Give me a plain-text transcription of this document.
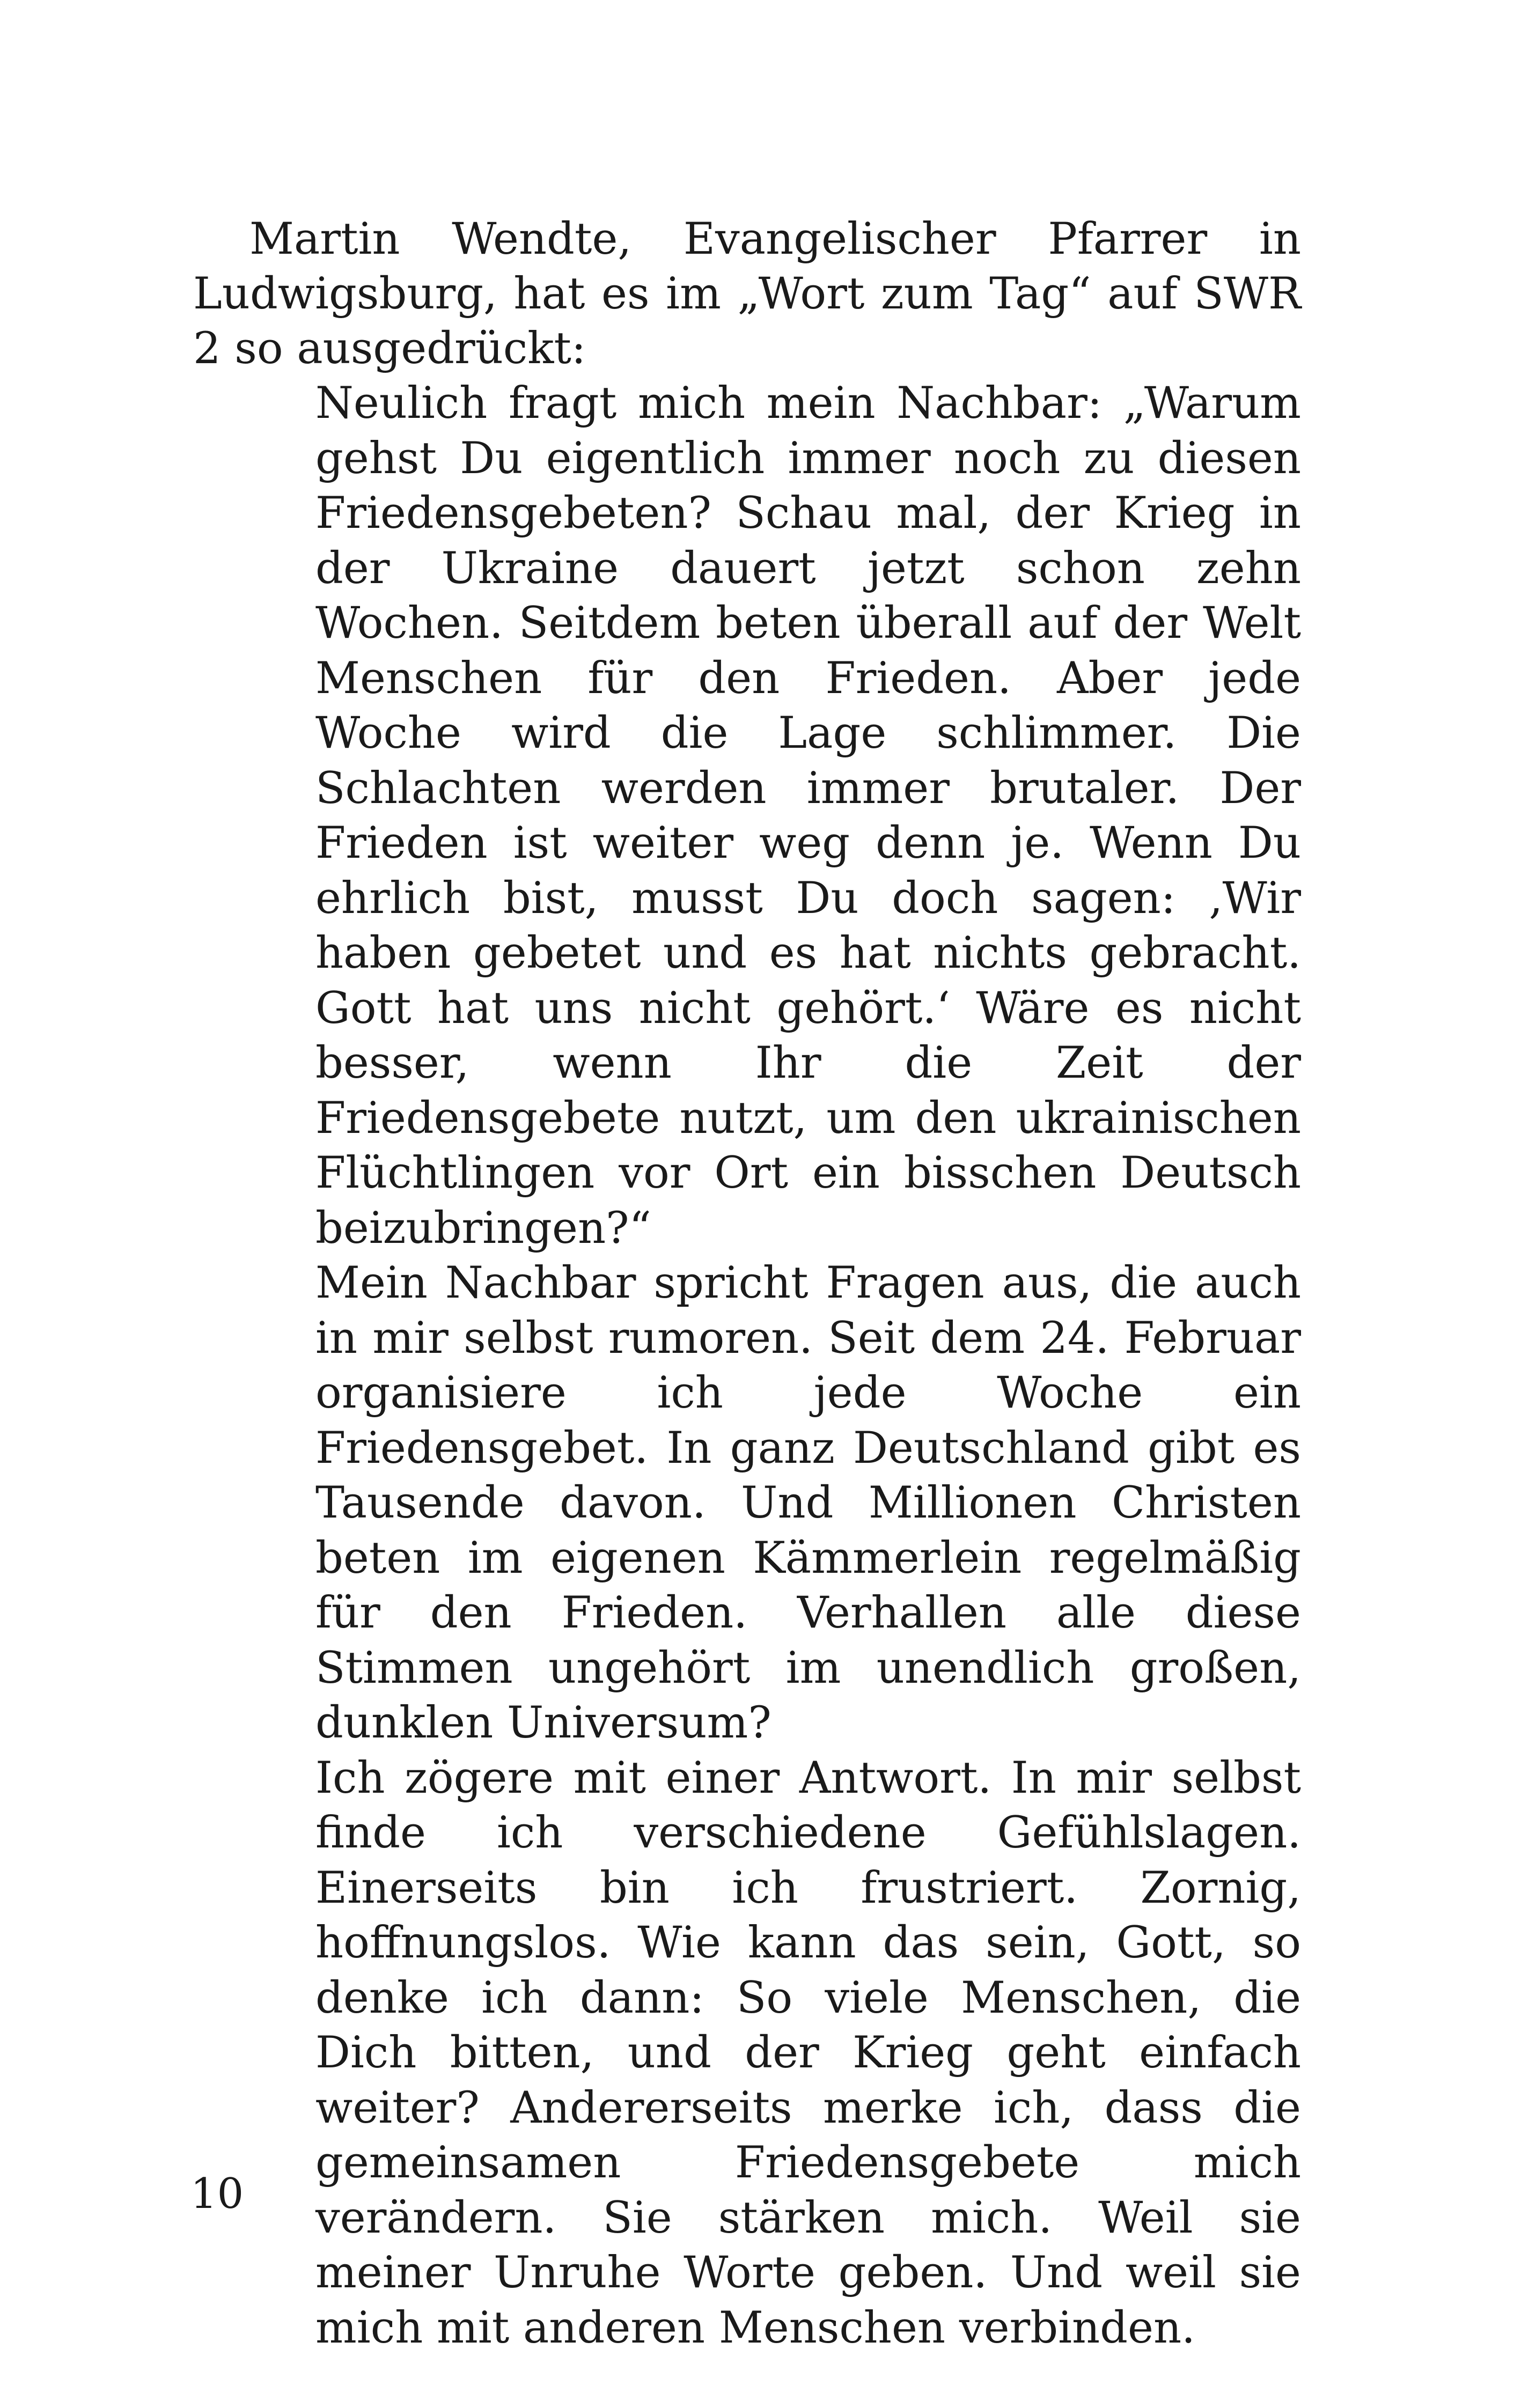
Martin Wendte, Evangelischer Pfarrer in Ludwigsburg, hat es im „Wort zum Tag“ auf SWR 2 so ausgedrückt:

Neulich fragt mich mein Nachbar: „Warum gehst Du eigentlich immer noch zu diesen Friedensgebeten? Schau mal, der Krieg in der Ukraine dauert jetzt schon zehn Wochen. Seitdem beten überall auf der Welt Menschen für den Frieden. Aber jede Woche wird die Lage schlimmer. Die Schlachten werden immer brutaler. Der Frieden ist weiter weg denn je. Wenn Du ehrlich bist, musst Du doch sagen: ‚Wir haben gebetet und es hat nichts gebracht. Gott hat uns nicht gehört.‘ Wäre es nicht besser, wenn Ihr die Zeit der Friedensgebete nutzt, um den ukrainischen Flüchtlingen vor Ort ein bisschen Deutsch beizubringen?“

Mein Nachbar spricht Fragen aus, die auch in mir selbst rumoren. Seit dem 24. Februar organisiere ich jede Woche ein Friedensgebet. In ganz Deutschland gibt es Tausende davon. Und Millionen Christen beten im eigenen Kämmerlein regelmäßig für den Frieden. Verhallen alle diese Stimmen ungehört im unendlich großen, dunklen Universum?

Ich zögere mit einer Antwort. In mir selbst finde ich verschiedene Gefühlslagen. Einerseits bin ich frustriert. Zornig, hoffnungslos. Wie kann das sein, Gott, so denke ich dann: So viele Menschen, die Dich bitten, und der Krieg geht einfach weiter? Andererseits merke ich, dass die gemeinsamen Friedensgebete mich verändern. Sie stärken mich. Weil sie meiner Unruhe Worte geben. Und weil sie mich mit anderen Menschen verbinden.

10
